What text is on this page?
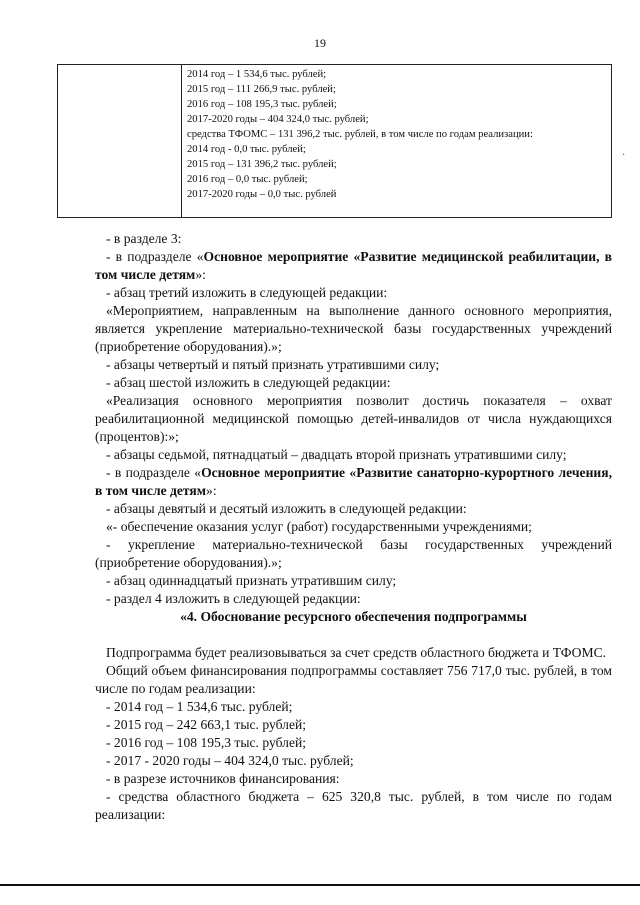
19
2014 год – 1 534,6 тыс. рублей;
2015 год – 111 266,9 тыс. рублей;
2016 год – 108 195,3 тыс. рублей;
2017-2020 годы – 404 324,0 тыс. рублей;
средства ТФОМС – 131 396,2 тыс. рублей, в том числе по годам реализации:
2014 год - 0,0 тыс. рублей;
2015 год – 131 396,2 тыс. рублей;
2016 год – 0,0 тыс. рублей;
2017-2020 годы – 0,0 тыс. рублей
·

- в разделе 3:

- в подразделе «Основное мероприятие «Развитие медицинской реабилитации, в том числе детям»:

- абзац третий изложить в следующей редакции:

«Мероприятием, направленным на выполнение данного основного мероприятия, является укрепление материально-технической базы государственных учреждений (приобретение оборудования).»;

- абзацы четвертый и пятый признать утратившими силу;

- абзац шестой изложить в следующей редакции:

«Реализация основного мероприятия позволит достичь показателя – охват реабилитационной медицинской помощью детей-инвалидов от числа нуждающихся (процентов):»;

- абзацы седьмой, пятнадцатый – двадцать второй признать утратившими силу;

- в подразделе «Основное мероприятие «Развитие санаторно-курортного лечения, в том числе детям»:

- абзацы девятый и десятый изложить в следующей редакции:

«- обеспечение оказания услуг (работ) государственными учреждениями;

- укрепление материально-технической базы государственных учреждений (приобретение оборудования).»;

- абзац одиннадцатый признать утратившим силу;

- раздел 4 изложить в следующей редакции:

«4. Обоснование ресурсного обеспечения подпрограммы

Подпрограмма будет реализовываться за счет средств областного бюджета и ТФОМС.

Общий объем финансирования подпрограммы составляет 756 717,0 тыс. рублей, в том числе по годам реализации:

- 2014 год – 1 534,6 тыс. рублей;

- 2015 год – 242 663,1 тыс. рублей;

- 2016 год – 108 195,3 тыс. рублей;

- 2017 - 2020 годы – 404 324,0 тыс. рублей;

- в разрезе источников финансирования:

- средства областного бюджета – 625 320,8 тыс. рублей, в том числе по годам реализации:
